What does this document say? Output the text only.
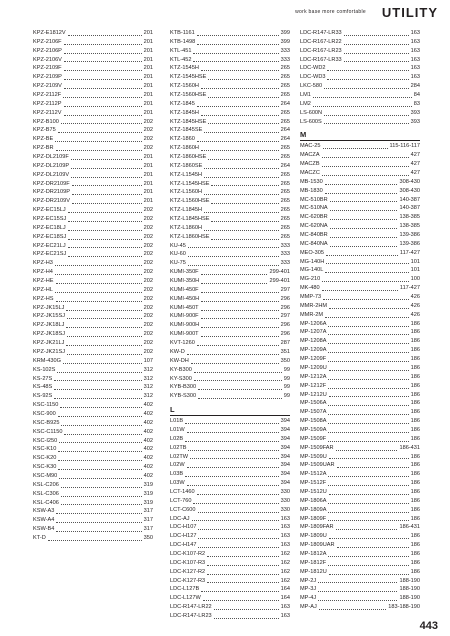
work base more comfortable UTILITY
KPZ-E1812V	201
KPZ-2106F	201
KPZ-2106P	201
KPZ-2106V	201
KPZ-2109F	201
KPZ-2109P	201
KPZ-2109V	201
KPZ-2112F	201
KPZ-2112P	201
KPZ-2112V	201
KPZ-B100	202
KPZ-B75	202
KPZ-BE	202
KPZ-BR	202
KPZ-DL2109F	201
KPZ-DL2109P	201
KPZ-DL2109V	201
KPZ-DR2109F	201
KPZ-DR2109P	201
KPZ-DR2109V	201
KPZ-EC15LJ	202
KPZ-EC15SJ	202
KPZ-EC18LJ	202
KPZ-EC18SJ	202
KPZ-EC21LJ	202
KPZ-EC21SJ	202
KPZ-H3	202
KPZ-H4	202
KPZ-HE	202
KPZ-HL	202
KPZ-HS	202
KPZ-JK15LJ	202
KPZ-JK15SJ	202
KPZ-JK18LJ	202
KPZ-JK18SJ	202
KPZ-JK21LJ	202
KPZ-JK21SJ	202
KRM-430G	107
KS-102S	312
KS-27S	312
KS-48S	312
KS-92S	312
KSC-1150	402
KSC-900	402
KSC-B925	402
KSC-C1150	402
KSC-I250	402
KSC-K10	402
KSC-K20	402
KSC-K30	402
KSC-M90	402
KSL-C206	319
KSL-C306	319
KSL-C406	319
KSW-A3	317
KSW-A4	317
KSW-B4	317
KT-D	350
KTB-1161	399
KTB-1498	399
KTL-451	333
KTL-452	333
KTZ-1545H	265
KTZ-1545HSE	265
KTZ-1560H	265
KTZ-1560HSE	265
KTZ-1845	264
KTZ-1845H	265
KTZ-1845HSE	265
KTZ-1845SE	264
KTZ-1860	264
KTZ-1860H	265
KTZ-1860HSE	265
KTZ-1860SE	264
KTZ-L1545H	265
KTZ-L1545HSE	265
KTZ-L1560H	265
KTZ-L1560HSE	265
KTZ-L1845H	265
KTZ-L1845HSE	265
KTZ-L1860H	265
KTZ-L1860HSE	265
KU-45	333
KU-60	333
KU-75	333
KUMI-350F	299-401
KUMI-350H	299-401
KUMI-450F	297
KUMI-450H	296
KUMI-450T	296
KUMI-900F	297
KUMI-900H	296
KUMI-900T	296
KVT-1260	287
KW-D	351
KW-DH	350
KY-B300	99
KY-S300	99
KYB-B300	99
KYB-S300	99
L
L01B	394
L01W	394
L02B	394
L02TB	394
L02TW	394
L02W	394
L03B	394
L03W	394
LCT-1460	330
LCT-760	330
LCT-C600	330
LDC-AJ	163
LDC-H107	163
LDC-H127	163
LDC-H147	163
LDC-K107-R2	162
LDC-K107-R3	162
LDC-K127-R2	162
LDC-K127-R3	162
LDC-L127B	164
LDC-L127W	164
LDC-R147-LR22	163
LDC-R147-LR23	163
LDC-R147-LR33	163
LDC-R167-LR22	163
LDC-R167-LR23	163
LDC-R167-LR33	163
LDC-WD2	163
LDC-WD3	163
LKC-580	284
LM1	84
LM2	83
LS-600N	393
LS-600S	393
M
MAC-25	115-116-117
MACZA	427
MACZB	427
MACZC	427
MB-1530	308-430
MB-1830	308-430
MC-510BR	140-387
MC-510NA	140-387
MC-620BR	138-385
MC-620NA	138-385
MC-840BR	139-386
MC-840NA	139-386
MEO-305	117-427
MG-140H	101
MG-140L	101
MG-210	100
MK-480	117-427
MMP-73	426
MMR-2HM	426
MMR-2M	426
MP-1206A	186
MP-1207A	186
MP-1208A	186
MP-1209A	186
MP-1209F	186
MP-1209U	186
MP-1212A	186
MP-1212F	186
MP-1212U	186
MP-1506A	186
MP-1507A	186
MP-1508A	186
MP-1509A	186
MP-1509F	186
MP-1509FAR	186-431
MP-1509U	186
MP-1509UAR	186
MP-1512A	186
MP-1512F	186
MP-1512U	186
MP-1806A	186
MP-1809A	186
MP-1809F	186
MP-1809FAR	186-431
MP-1809U	186
MP-1809UAR	186
MP-1812A	186
MP-1812F	186
MP-1812U	186
MP-2J	188-190
MP-3J	188-190
MP-4J	188-190
MP-AJ	183-188-190
443
